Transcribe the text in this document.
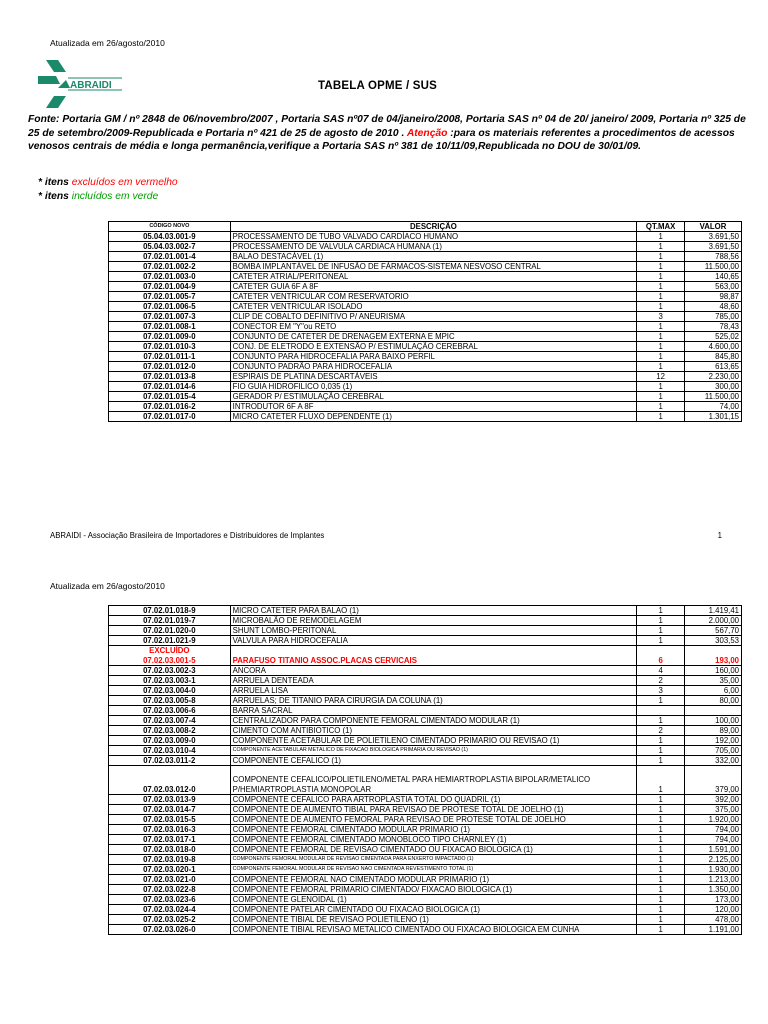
Atualizada em 26/agosto/2010
ABRAIDI	TABELA OPME / SUS
Fonte: Portaria GM / nº 2848 de 06/novembro/2007 , Portaria SAS nº07 de 04/janeiro/2008, Portaria SAS nº 04 de 20/ janeiro/ 2009, Portaria nº 325 de 25 de setembro/2009-Republicada e Portaria nº 421 de 25 de agosto de 2010 . Atenção :para os materiais referentes a procedimentos de acessos venosos centrais de média e longa permanência,verifique a Portaria SAS nº 381 de 10/11/09,Republicada no DOU de 30/01/09.
* itens excluídos em vermelho
* itens incluídos em verde
CÓDIGO NOVO	DESCRIÇÃO	QT.MAX	VALOR
05.04.03.001-9	PROCESSAMENTO DE TUBO VALVADO CARDÍACO HUMANO	1	3.691,50
05.04.03.002-7	PROCESSAMENTO DE VALVULA CARDIACA HUMANA (1)	1	3.691,50
07.02.01.001-4	BALAO DESTACÁVEL (1)	1	788,56
07.02.01.002-2	BOMBA IMPLANTÁVEL DE INFUSÃO DE FÁRMACOS-SISTEMA NESVOSO CENTRAL	1	11.500,00
07.02.01.003-0	CATETER ATRIAL/PERITONEAL	1	140,65
07.02.01.004-9	CATETER GUIA 6F A 8F	1	563,00
07.02.01.005-7	CATETER VENTRICULAR COM RESERVATORIO	1	98,87
07.02.01.006-5	CATETER VENTRICULAR ISOLADO	1	48,60
07.02.01.007-3	CLIP DE COBALTO DEFINITIVO P/ ANEURISMA	3	785,00
07.02.01.008-1	CONECTOR EM "Y"ou RETO	1	78,43
07.02.01.009-0	CONJUNTO DE CATETER DE DRENAGEM EXTERNA E MPIC	1	525,02
07.02.01.010-3	CONJ. DE ELETRODO E EXTENSÃO P/ ESTIMULAÇÃO CEREBRAL	1	4.600,00
07.02.01.011-1	CONJUNTO PARA HIDROCEFALIA PARA BAIXO PERFIL	1	845,80
07.02.01.012-0	CONJUNTO PADRÃO PARA HIDROCEFALIA	1	613,65
07.02.01.013-8	ESPIRAIS DE PLATINA DESCARTÁVEIS	12	2.230,00
07.02.01.014-6	FIO GUIA HIDROFILICO 0,035 (1)	1	300,00
07.02.01.015-4	GERADOR P/ ESTIMULAÇÃO CEREBRAL	1	11.500,00
07.02.01.016-2	INTRODUTOR 6F A 8F	1	74,00
07.02.01.017-0	MICRO CATETER FLUXO DEPENDENTE (1)	1	1.301,15
ABRAIDI - Associação Brasileira de Importadores e Distribuidores de Implantes	1
Atualizada em 26/agosto/2010
07.02.01.018-9	MICRO CATETER PARA BALAO (1)	1	1.419,41
07.02.01.019-7	MICROBALÃO DE REMODELAGEM	1	2.000,00
07.02.01.020-0	SHUNT LOMBO-PERITONAL	1	567,70
07.02.01.021-9	VALVULA PARA HIDROCEFALIA	1	303,53

EXCLUÍDO
07.02.03.001-5	PARAFUSO TITANIO ASSOC.PLACAS CERVICAIS	6	193,00
07.02.03.002-3	ANCORA	4	160,00
07.02.03.003-1	ARRUELA DENTEADA	2	35,00
07.02.03.004-0	ARRUELA LISA	3	6,00
07.02.03.005-8	ARRUELAS; DE TITANIO PARA CIRURGIA DA COLUNA (1)	1	80,00
07.02.03.006-6	BARRA SACRAL		
07.02.03.007-4	CENTRALIZADOR PARA COMPONENTE FEMORAL CIMENTADO MODULAR (1)	1	100,00
07.02.03.008-2	CIMENTO COM ANTIBIOTICO (1)	2	89,00
07.02.03.009-0	COMPONENTE ACETABULAR DE POLIETILENO CIMENTADO PRIMARIO OU REVISAO (1)	1	192,00
07.02.03.010-4	COMPONENTE ACETABULAR METALICO DE FIXACAO BIOLOGICA PRIMARIA OU REVISAO (1)	1	705,00
07.02.03.011-2	COMPONENTE CEFALICO (1)	1	332,00
07.02.03.012-0	COMPONENTE CEFALICO/POLIETILENO/METAL PARA HEMIARTROPLASTIA BIPOLAR/METALICO P/HEMIARTROPLASTIA MONOPOLAR	1	379,00
07.02.03.013-9	COMPONENTE CEFALICO PARA ARTROPLASTIA TOTAL DO QUADRIL (1)	1	392,00
07.02.03.014-7	COMPONENTE DE AUMENTO TIBIAL PARA REVISAO DE PROTESE TOTAL DE JOELHO (1)	1	375,00
07.02.03.015-5	COMPONENTE DE AUMENTO FEMORAL PARA REVISAO DE PROTESE TOTAL DE JOELHO	1	1.920,00
07.02.03.016-3	COMPONENTE FEMORAL CIMENTADO MODULAR PRIMARIO (1)	1	794,00
07.02.03.017-1	COMPONENTE FEMORAL CIMENTADO MONOBLOCO TIPO CHARNLEY (1)	1	794,00
07.02.03.018-0	COMPONENTE FEMORAL DE REVISAO CIMENTADO OU FIXACAO BIOLOGICA (1)	1	1.591,00
07.02.03.019-8	COMPONENTE FEMORAL MODULAR DE REVISAO CIMENTADA PARA ENXERTO IMPACTADO (1)	1	2.125,00
07.02.03.020-1	COMPONENTE FEMORAL MODULAR DE REVISAO NAO CIMENTADA REVESTIMENTO TOTAL (1)	1	1.930,00
07.02.03.021-0	COMPONENTE FEMORAL NAO CIMENTADO MODULAR PRIMARIO (1)	1	1.213,00
07.02.03.022-8	COMPONENTE FEMORAL PRIMARIO CIMENTADO/ FIXACAO BIOLOGICA (1)	1	1.350,00
07.02.03.023-6	COMPONENTE GLENOIDAL (1)	1	173,00
07.02.03.024-4	COMPONENTE PATELAR CIMENTADO OU FIXACAO BIOLOGICA (1)	1	120,00
07.02.03.025-2	COMPONENTE TIBIAL DE REVISAO POLIETILENO (1)	1	478,00
07.02.03.026-0	COMPONENTE TIBIAL REVISAO METALICO CIMENTADO OU FIXACAO BIOLOGICA EM CUNHA	1	1.191,00
